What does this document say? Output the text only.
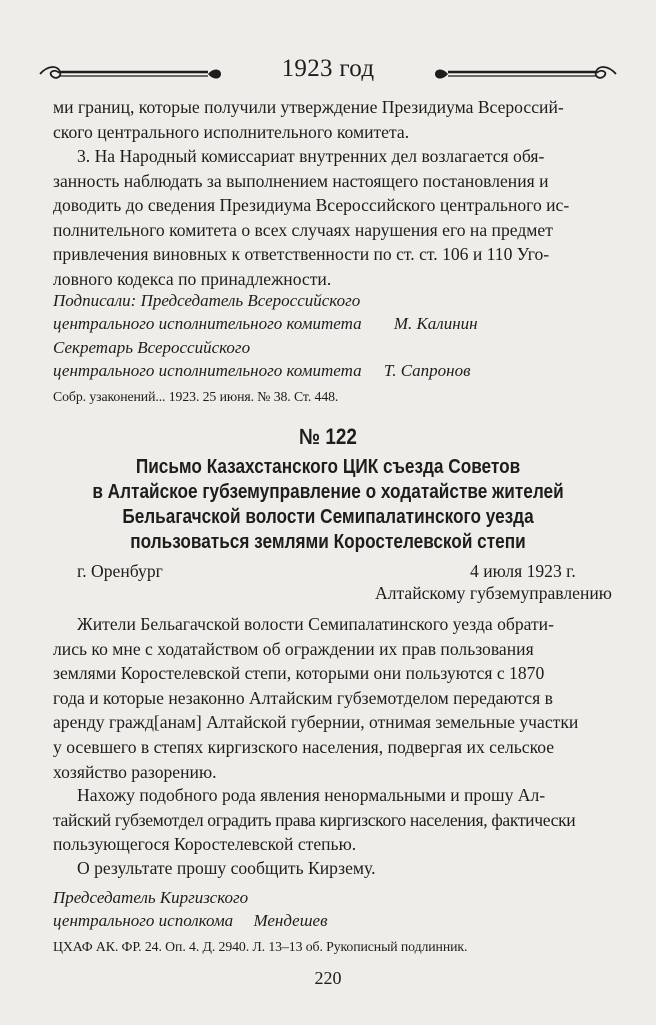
1923 год

ми границ, которые получили утверждение Президиума Всероссий-

ского центрального исполнительного комитета.

3. На Народный комиссариат внутренних дел возлагается обя-

занность наблюдать за выполнением настоящего постановления и

доводить до сведения Президиума Всероссийского центрального ис-

полнительного комитета о всех случаях нарушения его на предмет

привлечения виновных к ответственности по ст. ст. 106 и 110 Уго-

ловного кодекса по принадлежности.

Подписали: Председатель Всероссийского
центрального исполнительного комитета М. Калинин
Секретарь Всероссийского
центрального исполнительного комитета Т. Сапронов
Собр. узаконений... 1923. 25 июня. № 38. Ст. 448.
№ 122
Письмо Казахстанского ЦИК съезда Советов
в Алтайское губземуправление о ходатайстве жителей
Бельагачской волости Семипалатинского уезда
пользоваться землями Коростелевской степи
г. Оренбург	4 июля 1923 г.
Алтайскому губземуправлению

Жители Бельагачской волости Семипалатинского уезда обрати-

лись ко мне с ходатайством об ограждении их прав пользования

землями Коростелевской степи, которыми они пользуются с 1870

года и которые незаконно Алтайским губземотделом передаются в

аренду гражд[анам] Алтайской губернии, отнимая земельные участки

у осевшего в степях киргизского населения, подвергая их сельское

хозяйство разорению.

Нахожу подобного рода явления ненормальными и прошу Ал-

тайский губземотдел оградить права киргизского населения, фактически

пользующегося Коростелевской степью.

О результате прошу сообщить Кирзему.

Председатель Киргизского
центрального исполкома Мендешев
ЦХАФ АК. ФР. 24. Оп. 4. Д. 2940. Л. 13–13 об. Рукописный подлинник.
220
